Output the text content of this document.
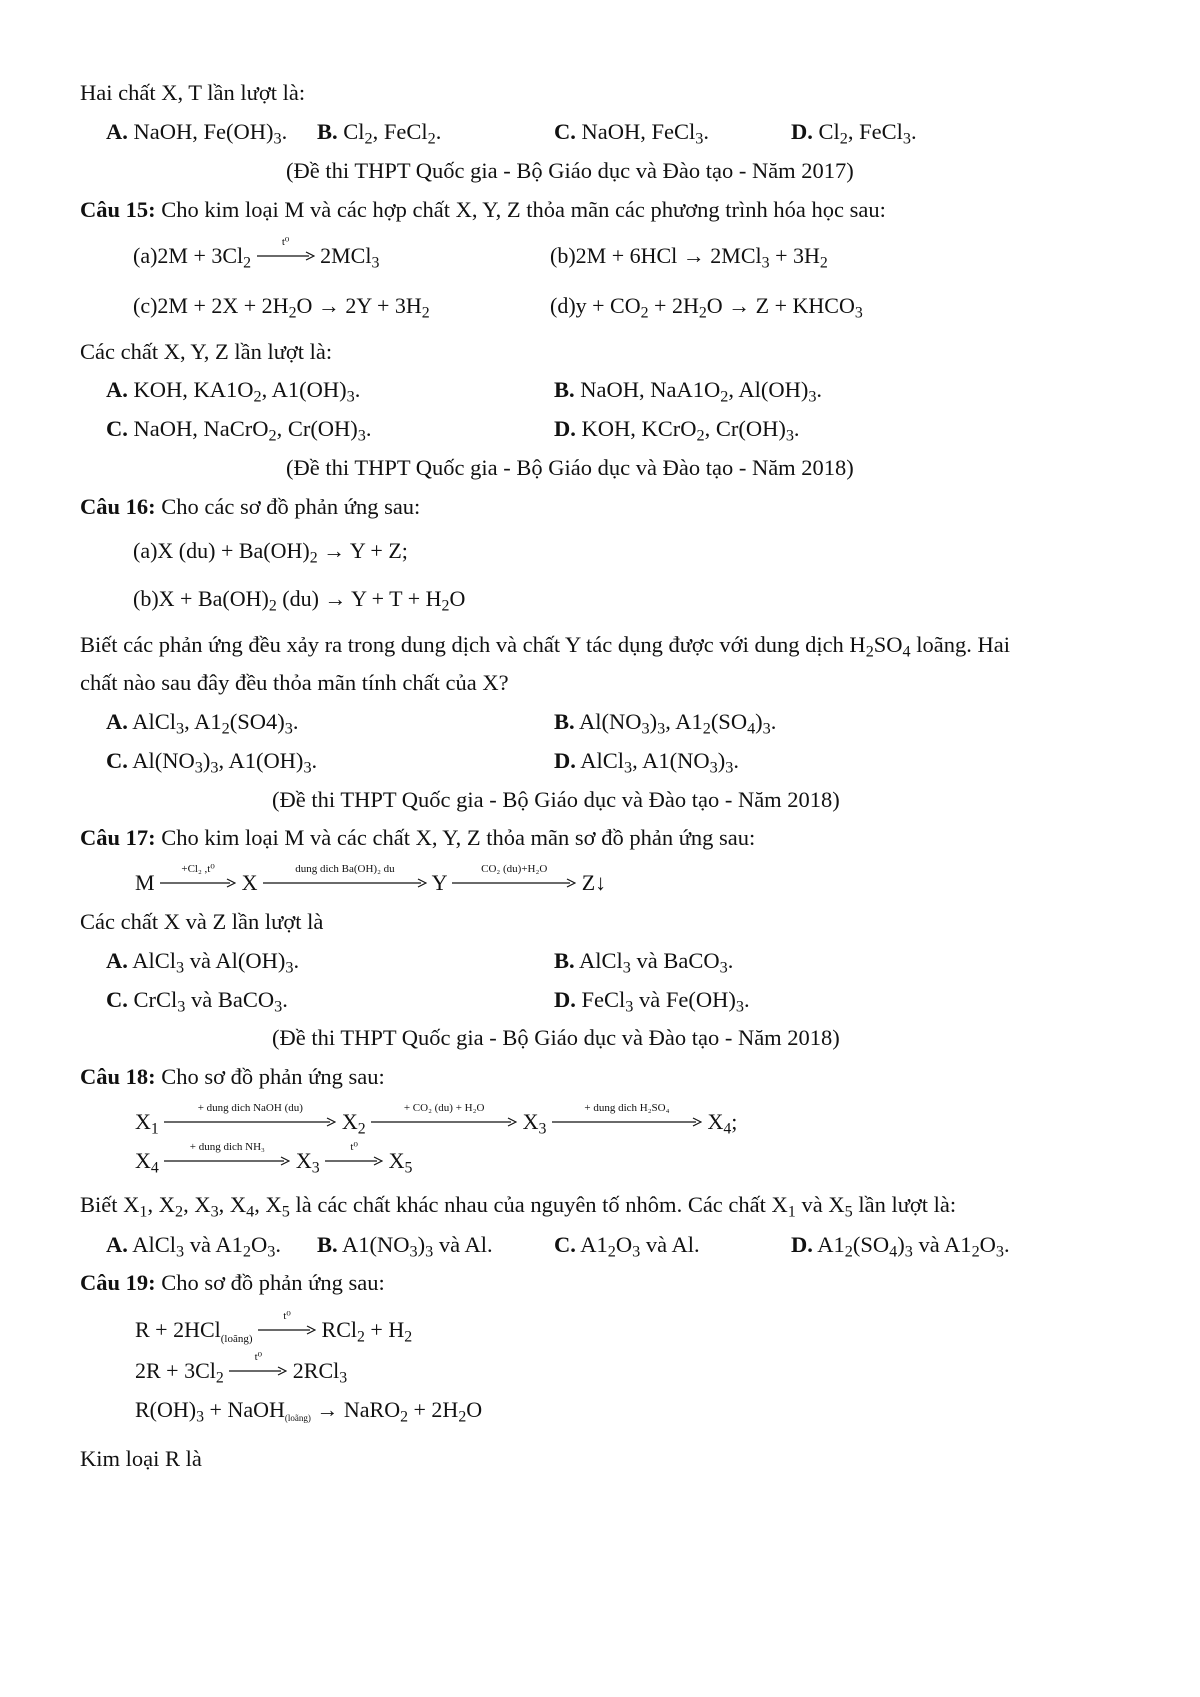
Hai chất X, T lần lượt là:
A. NaOH, $Fe(OH)_3$. B. $Cl_2$, FeCl$_2$.	C. NaOH, FeCl$_3$.	D. $Cl_2$, FeCl$_3$.
(Đề thi THPT Quốc gia - Bộ Giáo dục và Đào tạo - Năm 2017)
Câu 15: Cho kim loại M và các hợp chất X, Y, Z thỏa mãn các phương trình hóa học sau:
$(a)2M + 3Cl_2$
t⁰
2MCl$_3$	$(b)2M + 6HCl \to 2MCl_3 + 3H_2$
$(c)2M + 2X + 2H_2O \to 2Y + 3H_2$	$(d)y + CO_2 + 2H_2O \to Z$ + $KHCO_3$
Các chất X, Y, Z lần lượt là:
A. KOH, $KA1O_2$, $A1(OH)_3$.	B. NaOH, $NaA1O_2$, $Al(OH)_3$.
C. NaOH, NaCrO$_2$, $Cr(OH)_3$.	D. KOH, KCrO$_2$, $Cr(OH)_3$.
(Đề thi THPT Quốc gia - Bộ Giáo dục và Đào tạo - Năm 2018)
Câu 16: Cho các sơ đồ phản ứng sau:
(a)X $(du) + Ba(OH)_2 \to Y + Z$;
$(b)X + Ba(OH)_2$ $(du) \to Y + T + H_2O$
Biết các phản ứng đều xảy ra trong dung dịch và chất Y tác dụng được với dung dịch $H_2SO_4$ loãng. Hai
chất nào sau đây đều thỏa mãn tính chất của X?
A. AlCl$_3$, $A1_2(SO4)_3$.	B. $Al(NO_3)_3$, $A1_2(SO_4)_3$.
C. $Al(NO_3)_3$, $A1(OH)_3$.	D. AlCl$_3$, $A1(NO_3)_3$.
(Đề thi THPT Quốc gia - Bộ Giáo dục và Đào tạo - Năm 2018)
Câu 17: Cho kim loại M và các chất X, Y, Z thỏa mãn sơ đồ phản ứng sau:
M
+Cl₂ ,t⁰
X
dung dich Ba(OH)₂ du
Y
CO₂ (du)+H₂O
Z↓
Các chất X và Z lần lượt là
A. AlCl$_3$ và $Al(OH)_3$.	B. AlCl$_3$ và BaCO$_3$.
C. CrCl$_3$ và BaCO$_3$.	D. FeCl$_3$ và $Fe(OH)_3$.
(Đề thi THPT Quốc gia - Bộ Giáo dục và Đào tạo - Năm 2018)
Câu 18: Cho sơ đồ phản ứng sau:
$X_1$
+ dung dich NaOH (du)
$X_2$
+ CO₂ (du) + H₂O
$X_3$
+ dung dich H₂SO₄
$X_4$;
$X_4$
+ dung dich NH₃
$X_3$
t⁰
$X_5$
Biết $X_1$, $X_2$, $X_3$, $X_4$, $X_5$ là các chất khác nhau của nguyên tố nhôm. Các chất $X_1$ và $X_5$ lần lượt là:
A. AlCl$_3$ và $A1_2O_3$. B. $A1(NO_3)_3$ và Al.	C. $A1_2O_3$ và Al.	D. $A1_2(SO_4)_3$ và $A1_2O_3$.
Câu 19: Cho sơ đồ phản ứng sau:
R + 2HCl$_{(loãng)}$
t⁰
$RCl_2 + H_2$
$2R + 3Cl_2$
t⁰
2RCl$_3$
$R(OH)_3$ + NaOH$_{(loãng)}$ → NaRO$_2$ + $2H_2O$
Kim loại R là
